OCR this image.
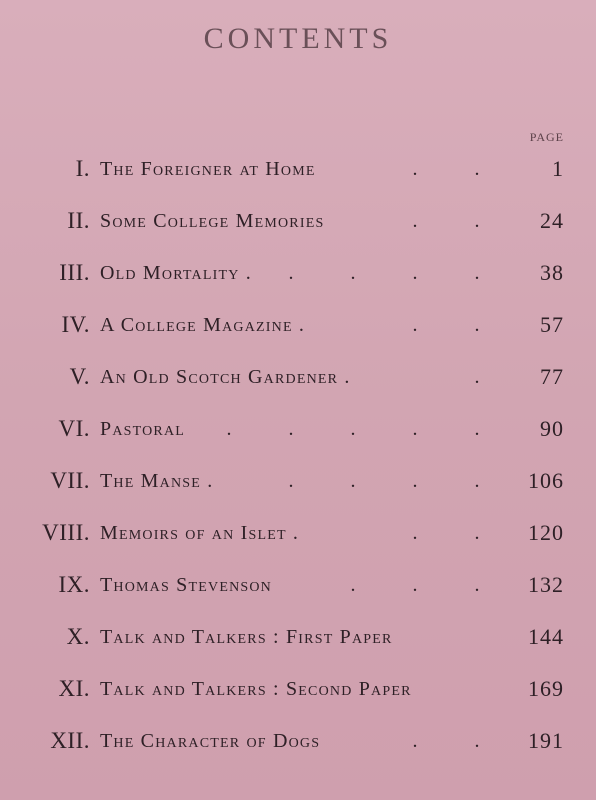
CONTENTS
PAGE
I. The Foreigner at Home	.	.	1
II. Some College Memories	.	.	24
III. Old Mortality .	.	.	.	.	38
IV. A College Magazine .	.	.	57
V. An Old Scotch Gardener .	.	77
VI. Pastoral	.	.	.	.	.	90
VII. The Manse .	.	.	.	.	106
VIII. Memoirs of an Islet .	.	.	120
IX. Thomas Stevenson	.	.	.	132
X. Talk and Talkers : First Paper	144
XI. Talk and Talkers : Second Paper	169
XII. The Character of Dogs	.	.	191
